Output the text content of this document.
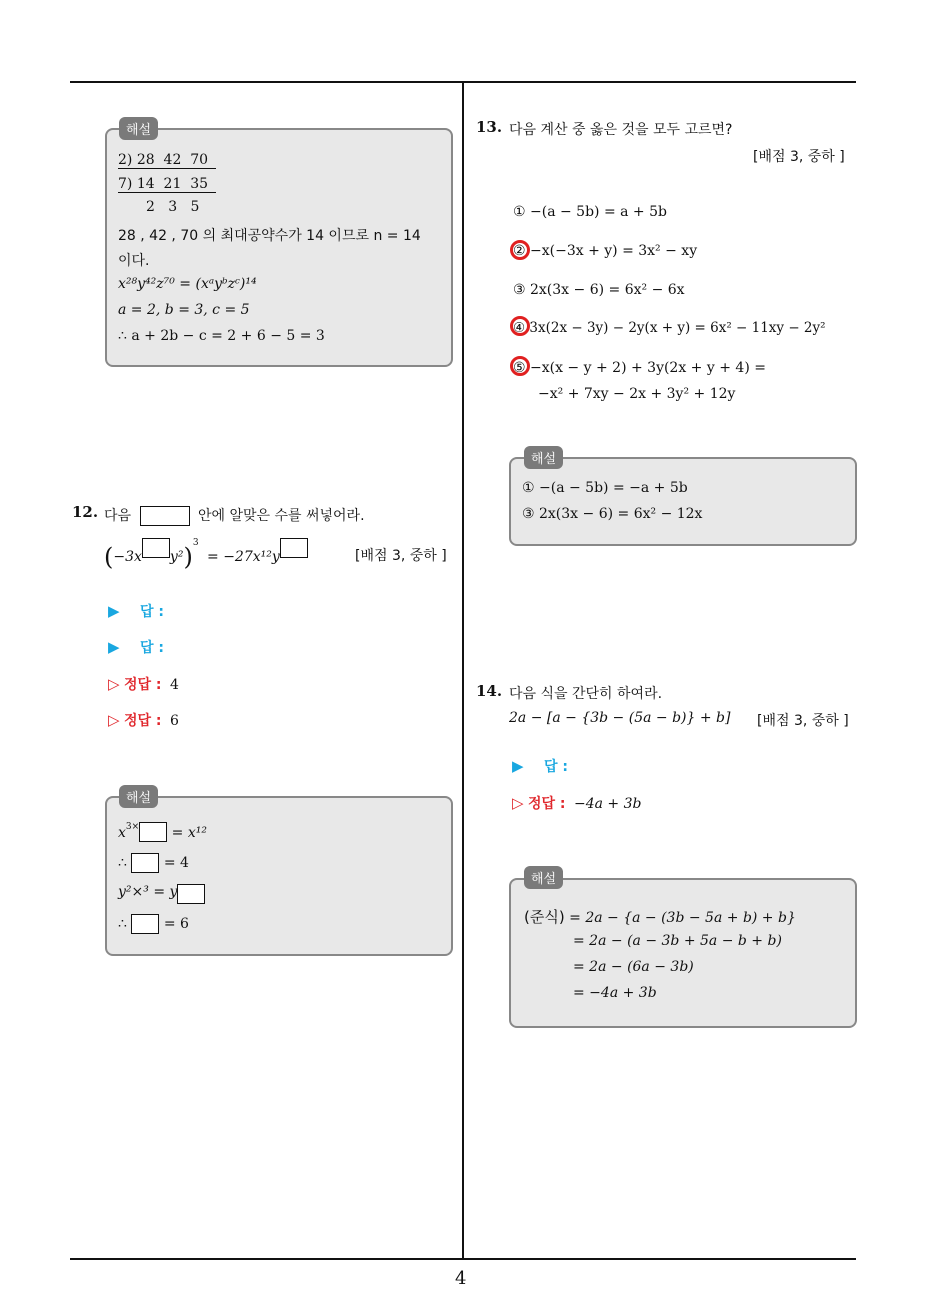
4
해설
2) 28  42  70
7) 14  21  35
2   3   5
28 , 42 , 70 의 최대공약수가 14 이므로 n = 14
이다.
x²⁸y⁴²z⁷⁰ = (xᵃyᵇzᶜ)¹⁴
a = 2, b = 3, c = 5
∴ a + 2b − c = 2 + 6 − 5 = 3
12. 다음	안에 알맞은 수를 써넣어라.
(−3x y²)$^3$ = −27x¹²y	[배점 3, 중하 ]
▶ 답 :
▶ 답 :
▷ 정답 : 4
▷ 정답 : 6
해설
$x^{3\times} = x^{12}$
∴	= 4
y²×³ = y
∴	= 6
13. 다음 계산 중 옳은 것을 모두 고르면?
[배점 3, 중하 ]
① −(a − 5b) = a + 5b
② −x(−3x + y) = 3x² − xy
③ 2x(3x − 6) = 6x² − 6x
④ 3x(2x − 3y) − 2y(x + y) = 6x² − 11xy − 2y²
⑤ −x(x − y + 2) + 3y(2x + y + 4) =
−x² + 7xy − 2x + 3y² + 12y
해설
① −(a − 5b) = −a + 5b
③ 2x(3x − 6) = 6x² − 12x
14. 다음 식을 간단히 하여라.
2a − [a − {3b − (5a − b)} + b] [배점 3, 중하 ]
▶ 답 :
▷ 정답 : −4a + 3b
해설
(준식) = 2a − {a − (3b − 5a + b) + b}
= 2a − (a − 3b + 5a − b + b)
= 2a − (6a − 3b)
= −4a + 3b
